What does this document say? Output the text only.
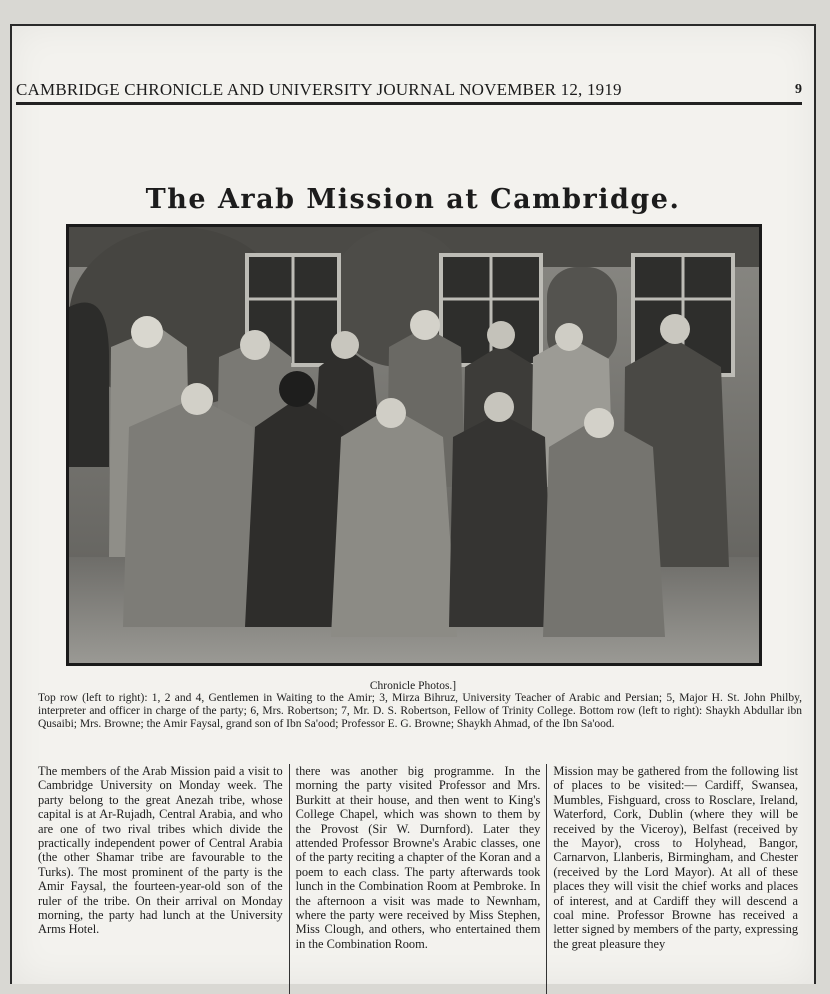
CAMBRIDGE CHRONICLE AND UNIVERSITY JOURNAL NOVEMBER 12, 1919	9
The Arab Mission at Cambridge.
Chronicle Photos.]
Top row (left to right): 1, 2 and 4, Gentlemen in Waiting to the Amir; 3, Mirza Bihruz, University Teacher of Arabic and Persian; 5, Major H. St. John Philby, interpreter and officer in charge of the party; 6, Mrs. Robertson; 7, Mr. D. S. Robertson, Fellow of Trinity College. Bottom row (left to right): Shaykh Abdullar ibn Qusaibi; Mrs. Browne; the Amir Faysal, grand son of Ibn Sa'ood; Professor E. G. Browne; Shaykh Ahmad, of the Ibn Sa'ood.
The members of the Arab Mission paid a visit to Cambridge University on Monday week. The party belong to the great Anezah tribe, whose capital is at Ar-Rujadh, Central Arabia, and who are one of two rival tribes which divide the practically independent power of Central Arabia (the other Shamar tribe are favourable to the Turks). The most prominent of the party is the Amir Faysal, the fourteen-year-old son of the ruler of the tribe. On their arrival on Monday morning, the party had lunch at the University Arms Hotel.
there was another big programme. In the morning the party visited Professor and Mrs. Burkitt at their house, and then went to King's College Chapel, which was shown to them by the Provost (Sir W. Durnford). Later they attended Professor Browne's Arabic classes, one of the party reciting a chapter of the Koran and a poem to each class. The party afterwards took lunch in the Combination Room at Pembroke. In the afternoon a visit was made to Newnham, where the party were received by Miss Stephen, Miss Clough, and others, who entertained them in the Combination Room.
Mission may be gathered from the following list of places to be visited:— Cardiff, Swansea, Mumbles, Fishguard, cross to Rosclare, Ireland, Waterford, Cork, Dublin (where they will be received by the Viceroy), Belfast (received by the Mayor), cross to Holyhead, Bangor, Carnarvon, Llanberis, Birmingham, and Chester (received by the Lord Mayor). At all of these places they will visit the chief works and places of interest, and at Cardiff they will descend a coal mine. Professor Browne has received a letter signed by members of the party, expressing the great pleasure they
